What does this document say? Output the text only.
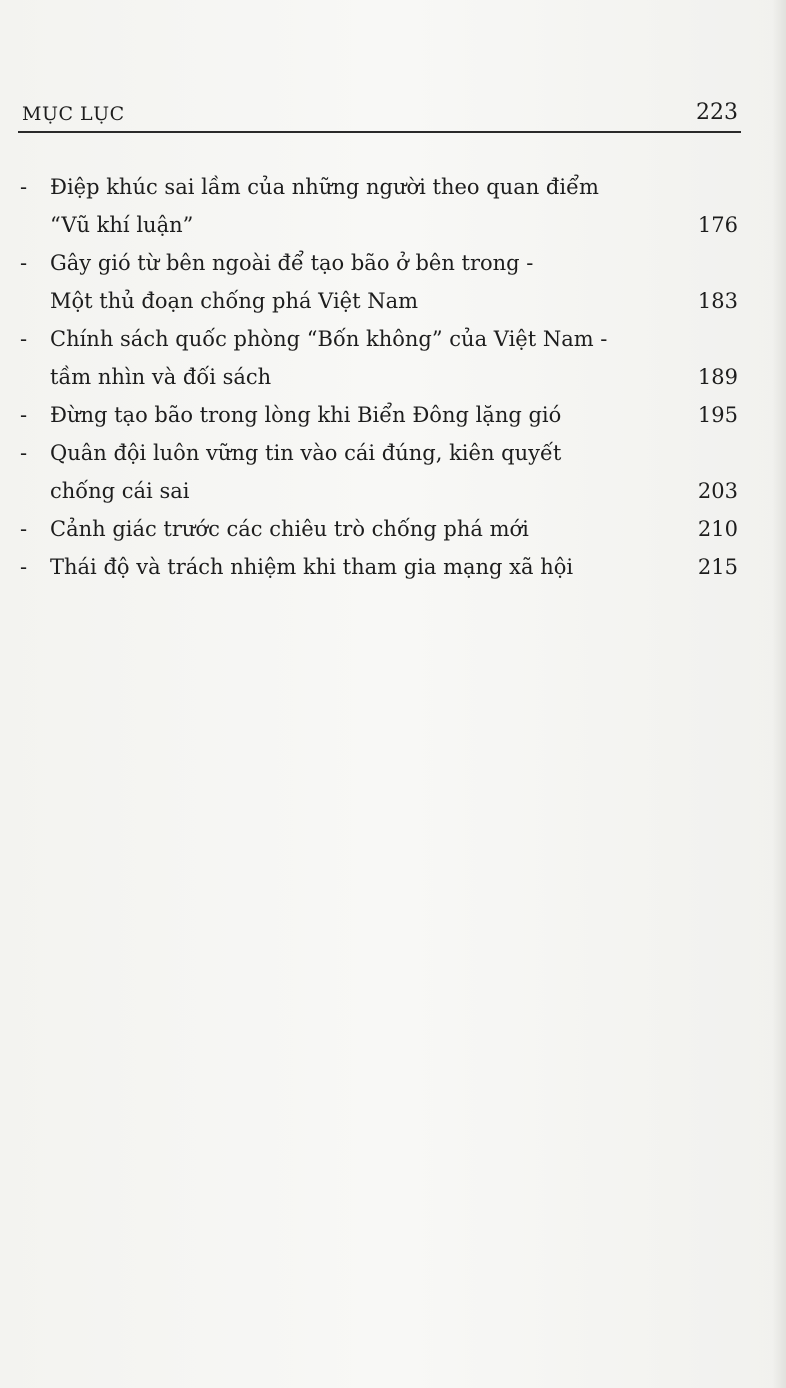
MỤC LỤC	223
-	Điệp khúc sai lầm của những người theo quan điểm
“Vũ khí luận”	176
-	Gây gió từ bên ngoài để tạo bão ở bên trong -
Một thủ đoạn chống phá Việt Nam	183
-	Chính sách quốc phòng “Bốn không” của Việt Nam -
tầm nhìn và đối sách	189
- Đừng tạo bão trong lòng khi Biển Đông lặng gió	195
-	Quân đội luôn vững tin vào cái đúng, kiên quyết
chống cái sai	203
- Cảnh giác trước các chiêu trò chống phá mới	210
- Thái độ và trách nhiệm khi tham gia mạng xã hội	215
